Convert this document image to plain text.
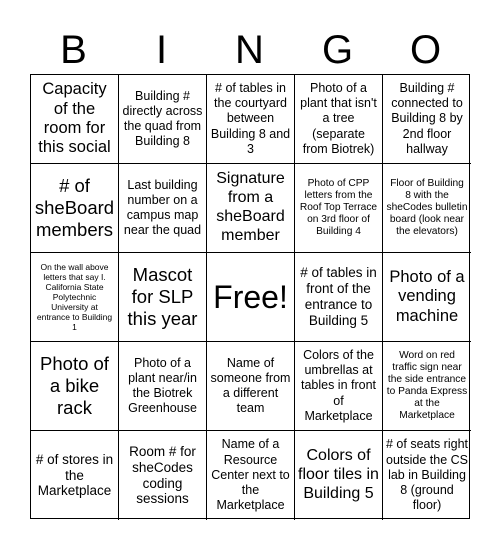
B	I	N	G	O
Capacity of the room for this social
Building # directly across the quad from Building 8
# of tables in the courtyard between Building 8 and 3
Photo of a plant that isn't a tree (separate from Biotrek)
Building # connected to Building 8 by 2nd floor hallway
# of sheBoard members
Last building number on a campus map near the quad
Signature from a sheBoard member
Photo of CPP letters from the Roof Top Terrace on 3rd floor of Building 4
Floor of Building 8 with the sheCodes bulletin board (look near the elevators)
On the wall above letters that say I. California State Polytechnic University at entrance to Building 1
Mascot for SLP this year
Free!
# of tables in front of the entrance to Building 5
Photo of a vending machine
Photo of a bike rack
Photo of a plant near/in the Biotrek Greenhouse
Name of someone from a different team
Colors of the umbrellas at tables in front of Marketplace
Word on red traffic sign near the side entrance to Panda Express at the Marketplace
# of stores in the Marketplace
Room # for sheCodes coding sessions
Name of a Resource Center next to the Marketplace
Colors of floor tiles in Building 5
# of seats right outside the CS lab in Building 8 (ground floor)
